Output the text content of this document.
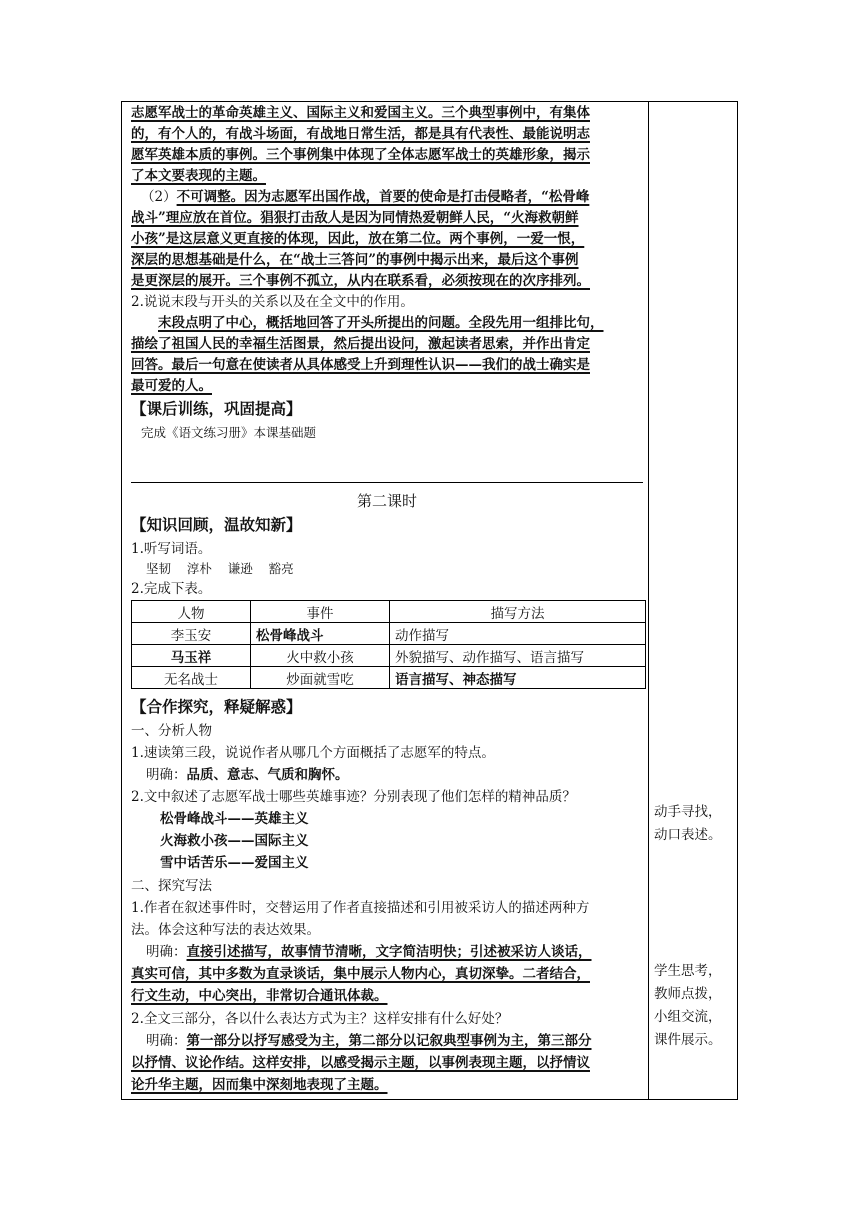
志愿军战士的革命英雄主义、国际主义和爱国主义。三个典型事例中，有集体
的，有个人的，有战斗场面，有战地日常生活，都是具有代表性、最能说明志
愿军英雄本质的事例。三个事例集中体现了全体志愿军战士的英雄形象，揭示
了本文要表现的主题。
（2）不可调整。因为志愿军出国作战，首要的使命是打击侵略者，“松骨峰
战斗”理应放在首位。猖狠打击敌人是因为同情热爱朝鲜人民，“火海救朝鲜
小孩”是这层意义更直接的体现，因此，放在第二位。两个事例，一爱一恨，
深层的思想基础是什么，在“战士三答问”的事例中揭示出来，最后这个事例
是更深层的展开。三个事例不孤立，从内在联系看，必须按现在的次序排列。
2.说说末段与开头的关系以及在全文中的作用。
末段点明了中心，概括地回答了开头所提出的问题。全段先用一组排比句，
描绘了祖国人民的幸福生活图景，然后提出设问，激起读者思索，并作出肯定
回答。最后一句意在使读者从具体感受上升到理性认识——我们的战士确实是
最可爱的人。
【课后训练，巩固提高】
完成《语文练习册》本课基础题
第二课时
【知识回顾，温故知新】
1.听写词语。
坚韧    淳朴    谦逊    豁亮
2.完成下表。
人物	事件	描写方法
李玉安	松骨峰战斗	动作描写
马玉祥	火中救小孩	外貌描写、动作描写、语言描写
无名战士	炒面就雪吃	语言描写、神态描写
【合作探究，释疑解惑】
一、分析人物
1.速读第三段，说说作者从哪几个方面概括了志愿军的特点。
明确：品质、意志、气质和胸怀。
2.文中叙述了志愿军战士哪些英雄事迹？分别表现了他们怎样的精神品质？
松骨峰战斗——英雄主义
火海救小孩——国际主义
雪中话苦乐——爱国主义
二、探究写法
1.作者在叙述事件时，交替运用了作者直接描述和引用被采访人的描述两种方
法。体会这种写法的表达效果。
明确：直接引述描写，故事情节清晰，文字简洁明快；引述被采访人谈话，
真实可信，其中多数为直录谈话，集中展示人物内心，真切深挚。二者结合，
行文生动，中心突出，非常切合通讯体裁。
2.全文三部分，各以什么表达方式为主？这样安排有什么好处？
明确：第一部分以抒写感受为主，第二部分以记叙典型事例为主，第三部分
以抒情、议论作结。这样安排，以感受揭示主题，以事例表现主题，以抒情议
论升华主题，因而集中深刻地表现了主题。
动手寻找，
动口表述。
学生思考，
教师点拨，
小组交流，
课件展示。
